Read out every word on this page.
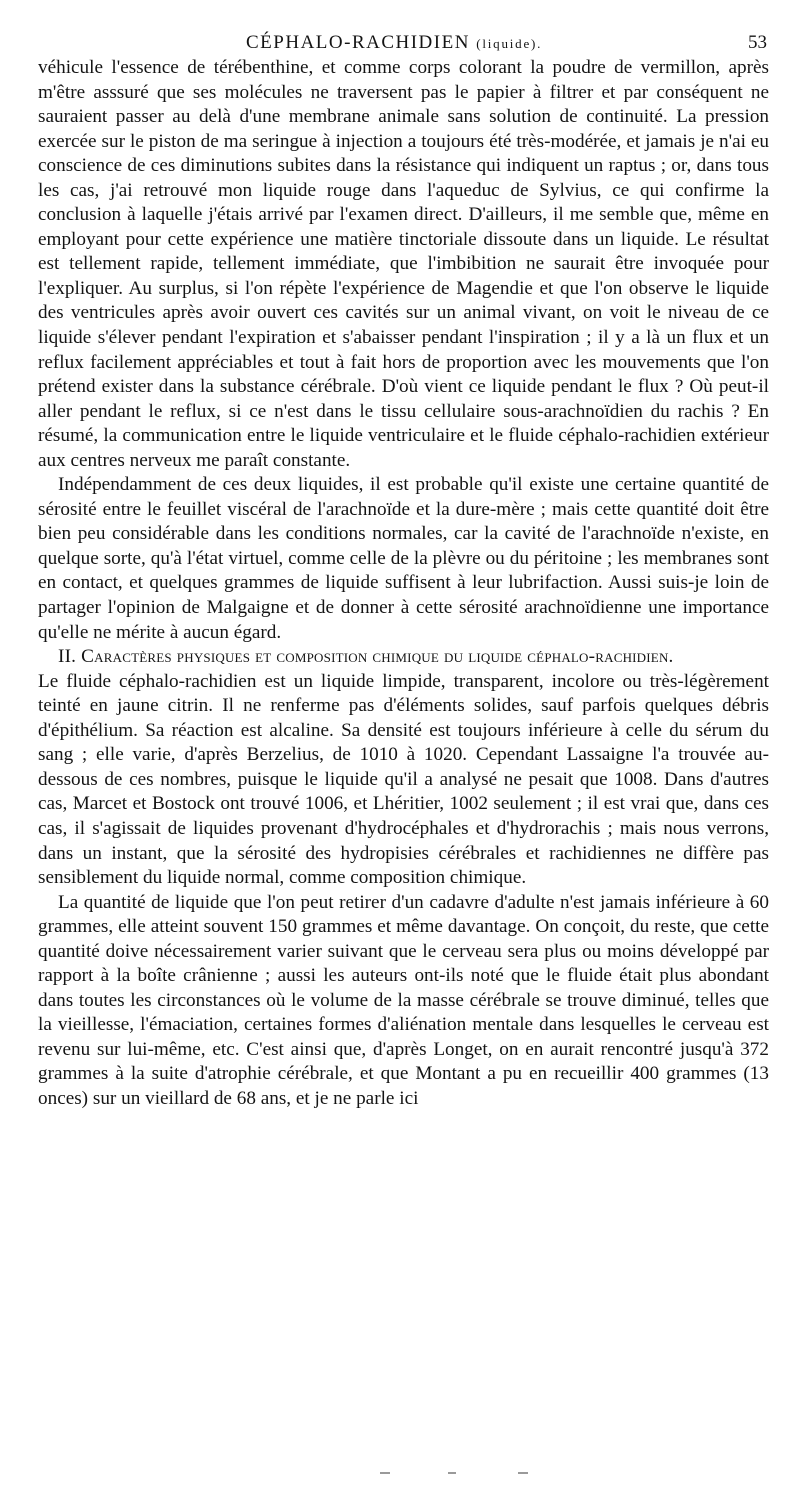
CÉPHALO-RACHIDIEN (liquide).	53

véhicule l'essence de térébenthine, et comme corps colorant la poudre de vermillon, après m'être asssuré que ses molécules ne traversent pas le papier à filtrer et par conséquent ne sauraient passer au delà d'une membrane animale sans solution de continuité. La pression exercée sur le piston de ma seringue à injection a toujours été très-modérée, et jamais je n'ai eu conscience de ces diminutions subites dans la résistance qui indiquent un raptus ; or, dans tous les cas, j'ai retrouvé mon liquide rouge dans l'aqueduc de Sylvius, ce qui confirme la conclusion à laquelle j'étais arrivé par l'examen direct. D'ailleurs, il me semble que, même en employant pour cette expérience une matière tinctoriale dissoute dans un liquide. Le résultat est tellement rapide, tellement immédiate, que l'imbibition ne saurait être invoquée pour l'expliquer. Au surplus, si l'on répète l'expérience de Magendie et que l'on observe le liquide des ventricules après avoir ouvert ces cavités sur un animal vivant, on voit le niveau de ce liquide s'élever pendant l'expiration et s'abaisser pendant l'inspiration ; il y a là un flux et un reflux facilement appréciables et tout à fait hors de proportion avec les mouvements que l'on prétend exister dans la substance cérébrale. D'où vient ce liquide pendant le flux ? Où peut-il aller pendant le reflux, si ce n'est dans le tissu cellulaire sous-arachnoïdien du rachis ? En résumé, la communication entre le liquide ventriculaire et le fluide céphalo-rachidien extérieur aux centres nerveux me paraît constante.

Indépendamment de ces deux liquides, il est probable qu'il existe une certaine quantité de sérosité entre le feuillet viscéral de l'arachnoïde et la dure-mère ; mais cette quantité doit être bien peu considérable dans les conditions normales, car la cavité de l'arachnoïde n'existe, en quelque sorte, qu'à l'état virtuel, comme celle de la plèvre ou du péritoine ; les membranes sont en contact, et quelques grammes de liquide suffisent à leur lubrifaction. Aussi suis-je loin de partager l'opinion de Malgaigne et de donner à cette sérosité arachnoïdienne une importance qu'elle ne mérite à aucun égard.

II. Caractères physiques et composition chimique du liquide céphalo-rachidien.

Le fluide céphalo-rachidien est un liquide limpide, transparent, incolore ou très-légèrement teinté en jaune citrin. Il ne renferme pas d'éléments solides, sauf parfois quelques débris d'épithélium. Sa réaction est alcaline. Sa densité est toujours inférieure à celle du sérum du sang ; elle varie, d'après Berzelius, de 1010 à 1020. Cependant Lassaigne l'a trouvée au-dessous de ces nombres, puisque le liquide qu'il a analysé ne pesait que 1008. Dans d'autres cas, Marcet et Bostock ont trouvé 1006, et Lhéritier, 1002 seulement ; il est vrai que, dans ces cas, il s'agissait de liquides provenant d'hydrocéphales et d'hydrorachis ; mais nous verrons, dans un instant, que la sérosité des hydropisies cérébrales et rachidiennes ne diffère pas sensiblement du liquide normal, comme composition chimique.

La quantité de liquide que l'on peut retirer d'un cadavre d'adulte n'est jamais inférieure à 60 grammes, elle atteint souvent 150 grammes et même davantage. On conçoit, du reste, que cette quantité doive nécessairement varier suivant que le cerveau sera plus ou moins développé par rapport à la boîte crânienne ; aussi les auteurs ont-ils noté que le fluide était plus abondant dans toutes les circonstances où le volume de la masse cérébrale se trouve diminué, telles que la vieillesse, l'émaciation, certaines formes d'aliénation mentale dans lesquelles le cerveau est revenu sur lui-même, etc. C'est ainsi que, d'après Longet, on en aurait rencontré jusqu'à 372 grammes à la suite d'atrophie cérébrale, et que Montant a pu en recueillir 400 grammes (13 onces) sur un vieillard de 68 ans, et je ne parle ici
